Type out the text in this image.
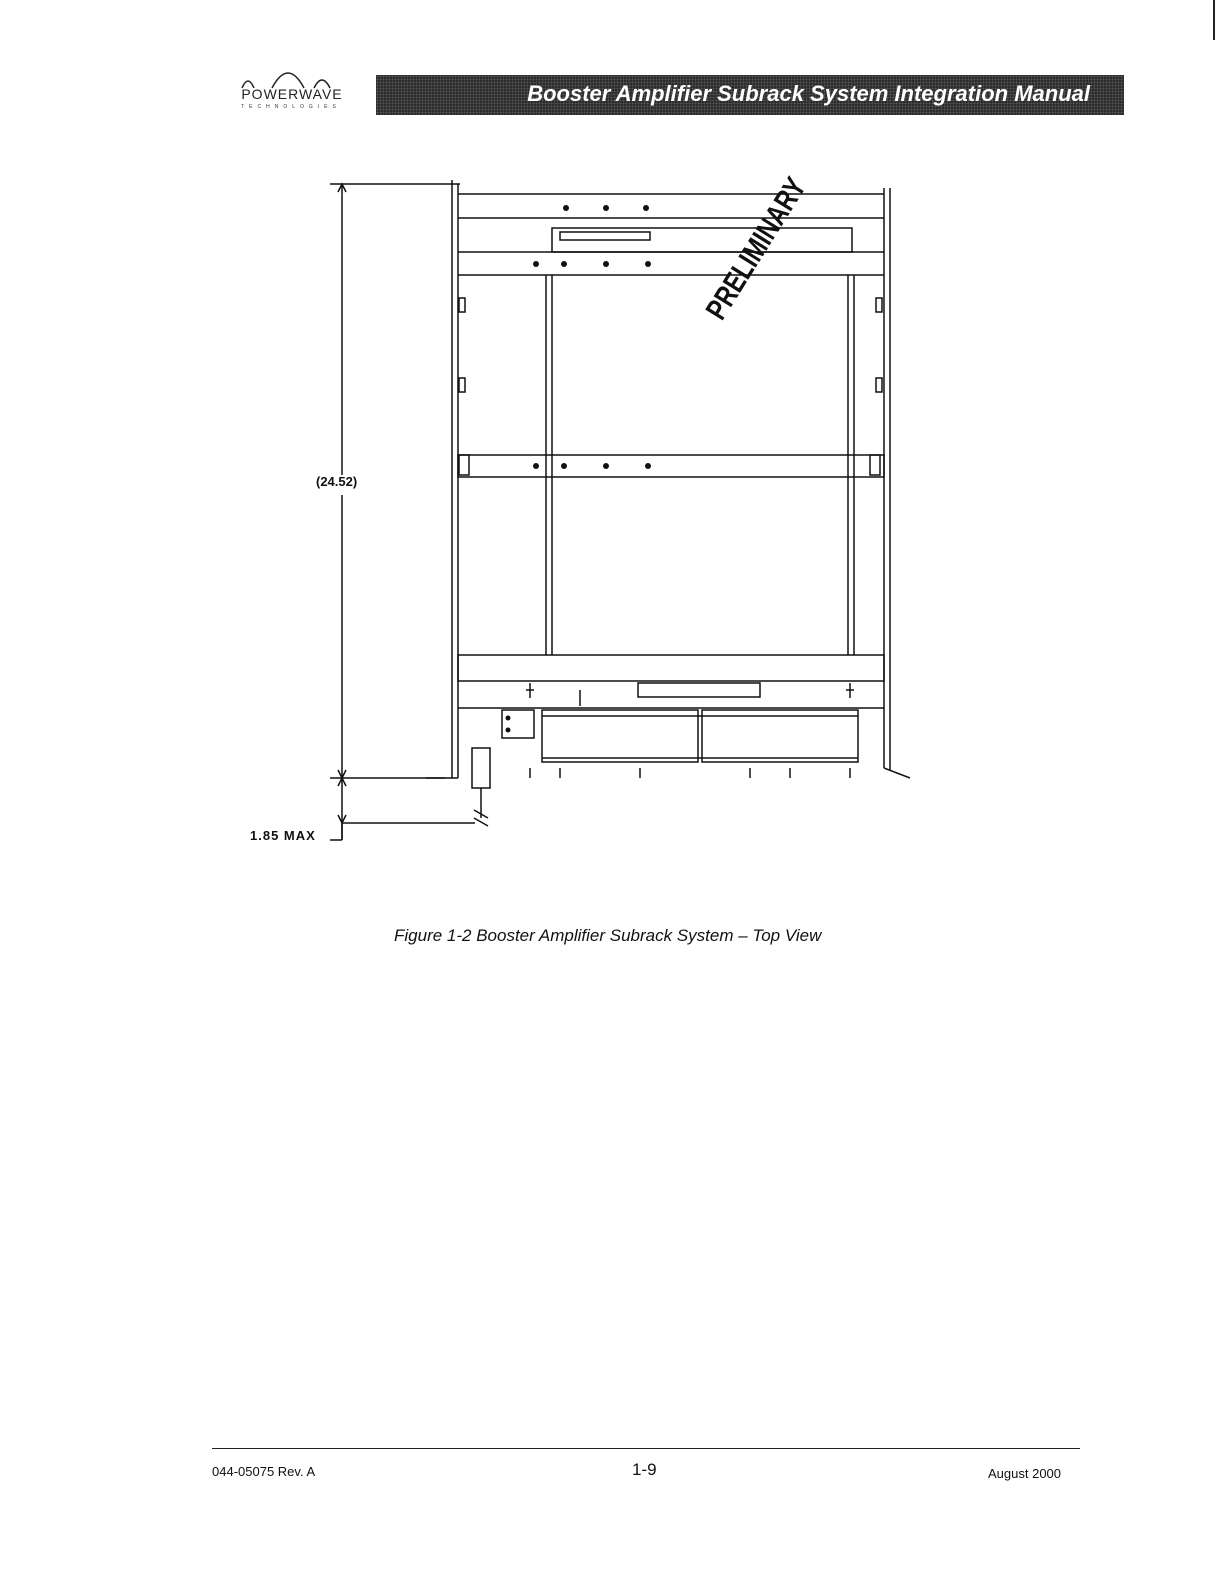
POWERWAVE
TECHNOLOGIES
Booster Amplifier Subrack System Integration Manual
(24.52)
1.85 MAX
PRELIMINARY
Figure 1-2 Booster Amplifier Subrack System – Top View
044-05075 Rev. A	1-9	August 2000
